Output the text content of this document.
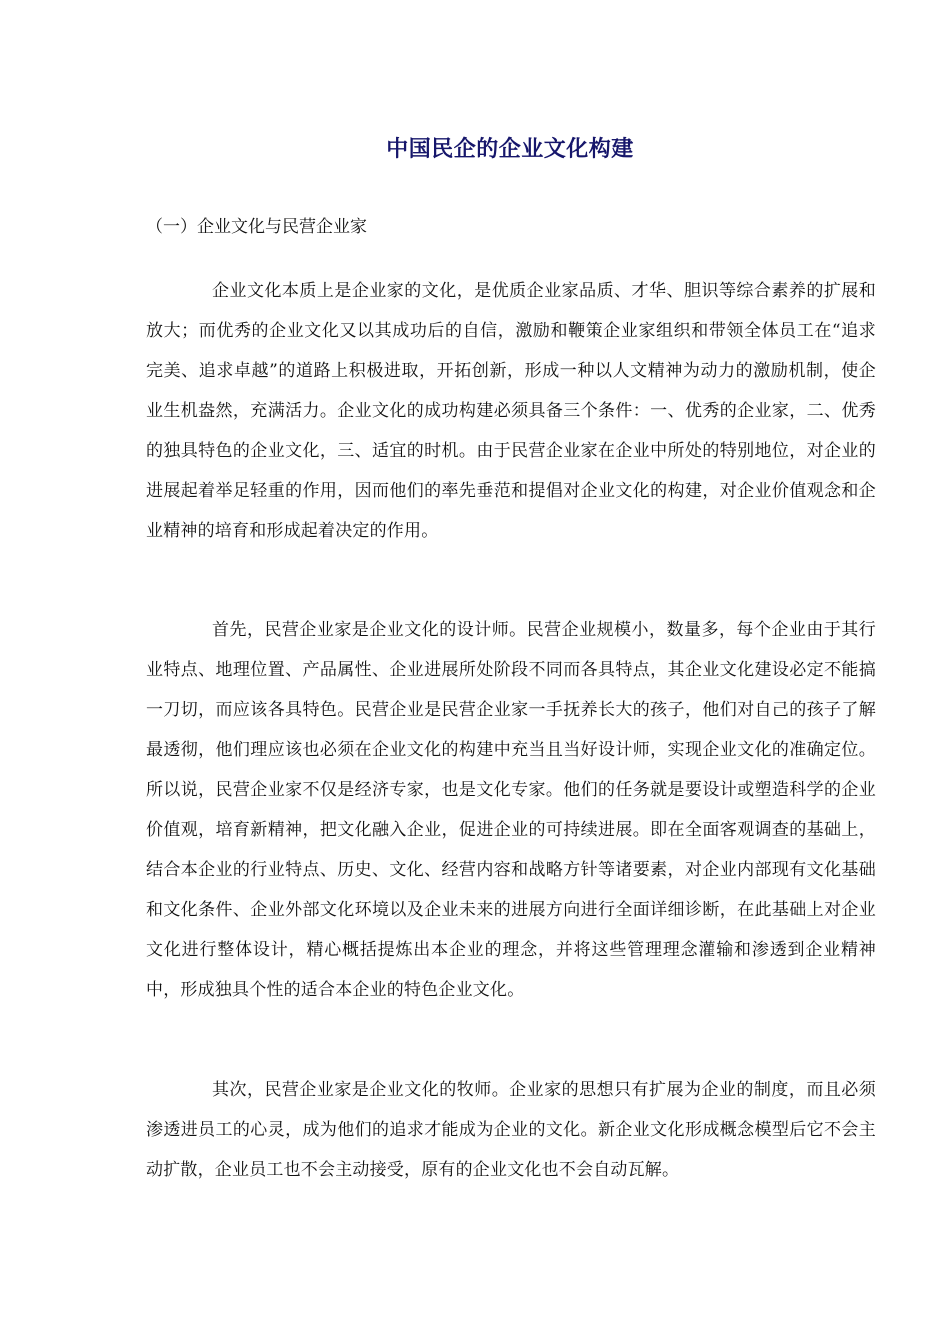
中国民企的企业文化构建

（一）企业文化与民营企业家

企业文化本质上是企业家的文化，是优质企业家品质、才华、胆识等综合素养的扩展和放大；而优秀的企业文化又以其成功后的自信，激励和鞭策企业家组织和带领全体员工在“追求完美、追求卓越”的道路上积极进取，开拓创新，形成一种以人文精神为动力的激励机制，使企业生机盎然，充满活力。企业文化的成功构建必须具备三个条件：一、优秀的企业家，二、优秀的独具特色的企业文化，三、适宜的时机。由于民营企业家在企业中所处的特别地位，对企业的进展起着举足轻重的作用，因而他们的率先垂范和提倡对企业文化的构建，对企业价值观念和企业精神的培育和形成起着决定的作用。

首先，民营企业家是企业文化的设计师。民营企业规模小，数量多，每个企业由于其行业特点、地理位置、产品属性、企业进展所处阶段不同而各具特点，其企业文化建设必定不能搞一刀切，而应该各具特色。民营企业是民营企业家一手抚养长大的孩子，他们对自己的孩子了解最透彻，他们理应该也必须在企业文化的构建中充当且当好设计师，实现企业文化的准确定位。所以说，民营企业家不仅是经济专家，也是文化专家。他们的任务就是要设计或塑造科学的企业价值观，培育新精神，把文化融入企业，促进企业的可持续进展。即在全面客观调查的基础上，结合本企业的行业特点、历史、文化、经营内容和战略方针等诸要素，对企业内部现有文化基础和文化条件、企业外部文化环境以及企业未来的进展方向进行全面详细诊断，在此基础上对企业文化进行整体设计，精心概括提炼出本企业的理念，并将这些管理理念灌输和渗透到企业精神中，形成独具个性的适合本企业的特色企业文化。

其次，民营企业家是企业文化的牧师。企业家的思想只有扩展为企业的制度，而且必须渗透进员工的心灵，成为他们的追求才能成为企业的文化。新企业文化形成概念模型后它不会主动扩散，企业员工也不会主动接受，原有的企业文化也不会自动瓦解。
